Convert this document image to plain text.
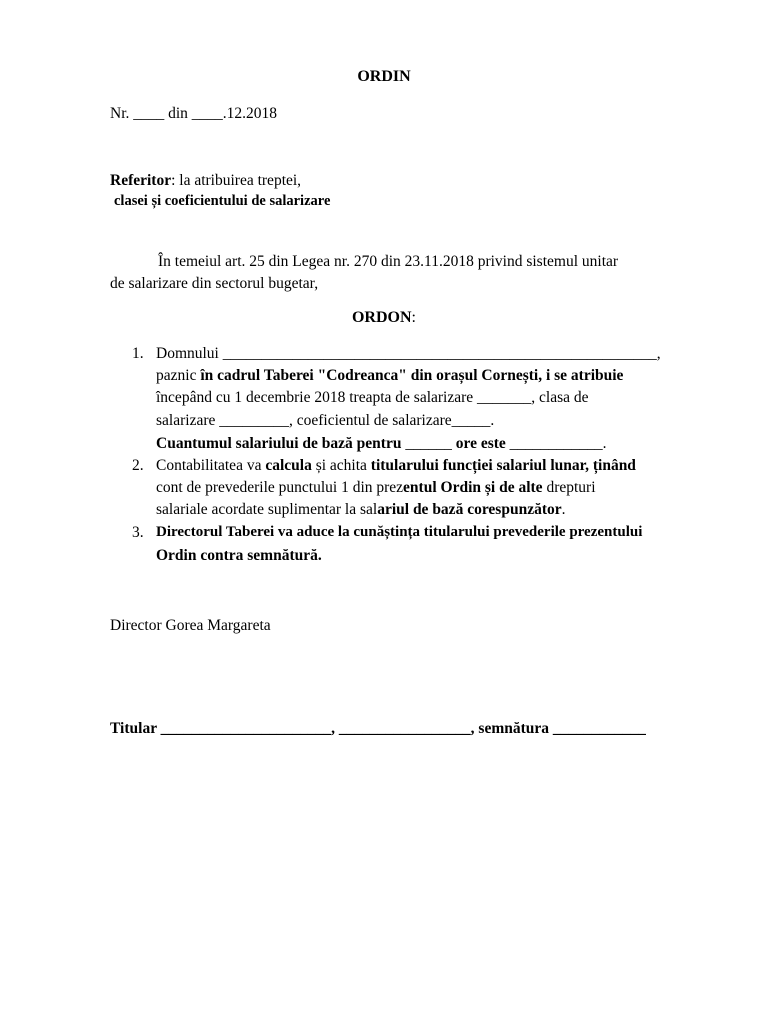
ORDIN
Nr. ____ din ____.12.2018
Referitor: la atribuirea treptei,
clasei și coeficientului de salarizare
În temeiul art. 25 din Legea nr. 270 din 23.11.2018 privind sistemul unitar
de salarizare din sectorul bugetar,
ORDON:
1. Domnului ________________________________________________________,
paznic în cadrul Taberei "Codreanca" din orașul Cornești, i se atribuie
începând cu 1 decembrie 2018 treapta de salarizare _______, clasa de
salarizare _________, coeficientul de salarizare_____.
Cuantumul salariului de bază pentru ______ ore este ____________.
2. Contabilitatea va calcula și achita titularului funcției salariul lunar, ținând
cont de prevederile punctului 1 din prezentul Ordin și de alte drepturi
salariale acordate suplimentar la salariul de bază corespunzător.
3. Directorul Taberei va aduce la cunăștința titularului prevederile prezentului
Ordin contra semnătură.
Director Gorea Margareta
Titular ______________________, _________________, semnătura ____________
